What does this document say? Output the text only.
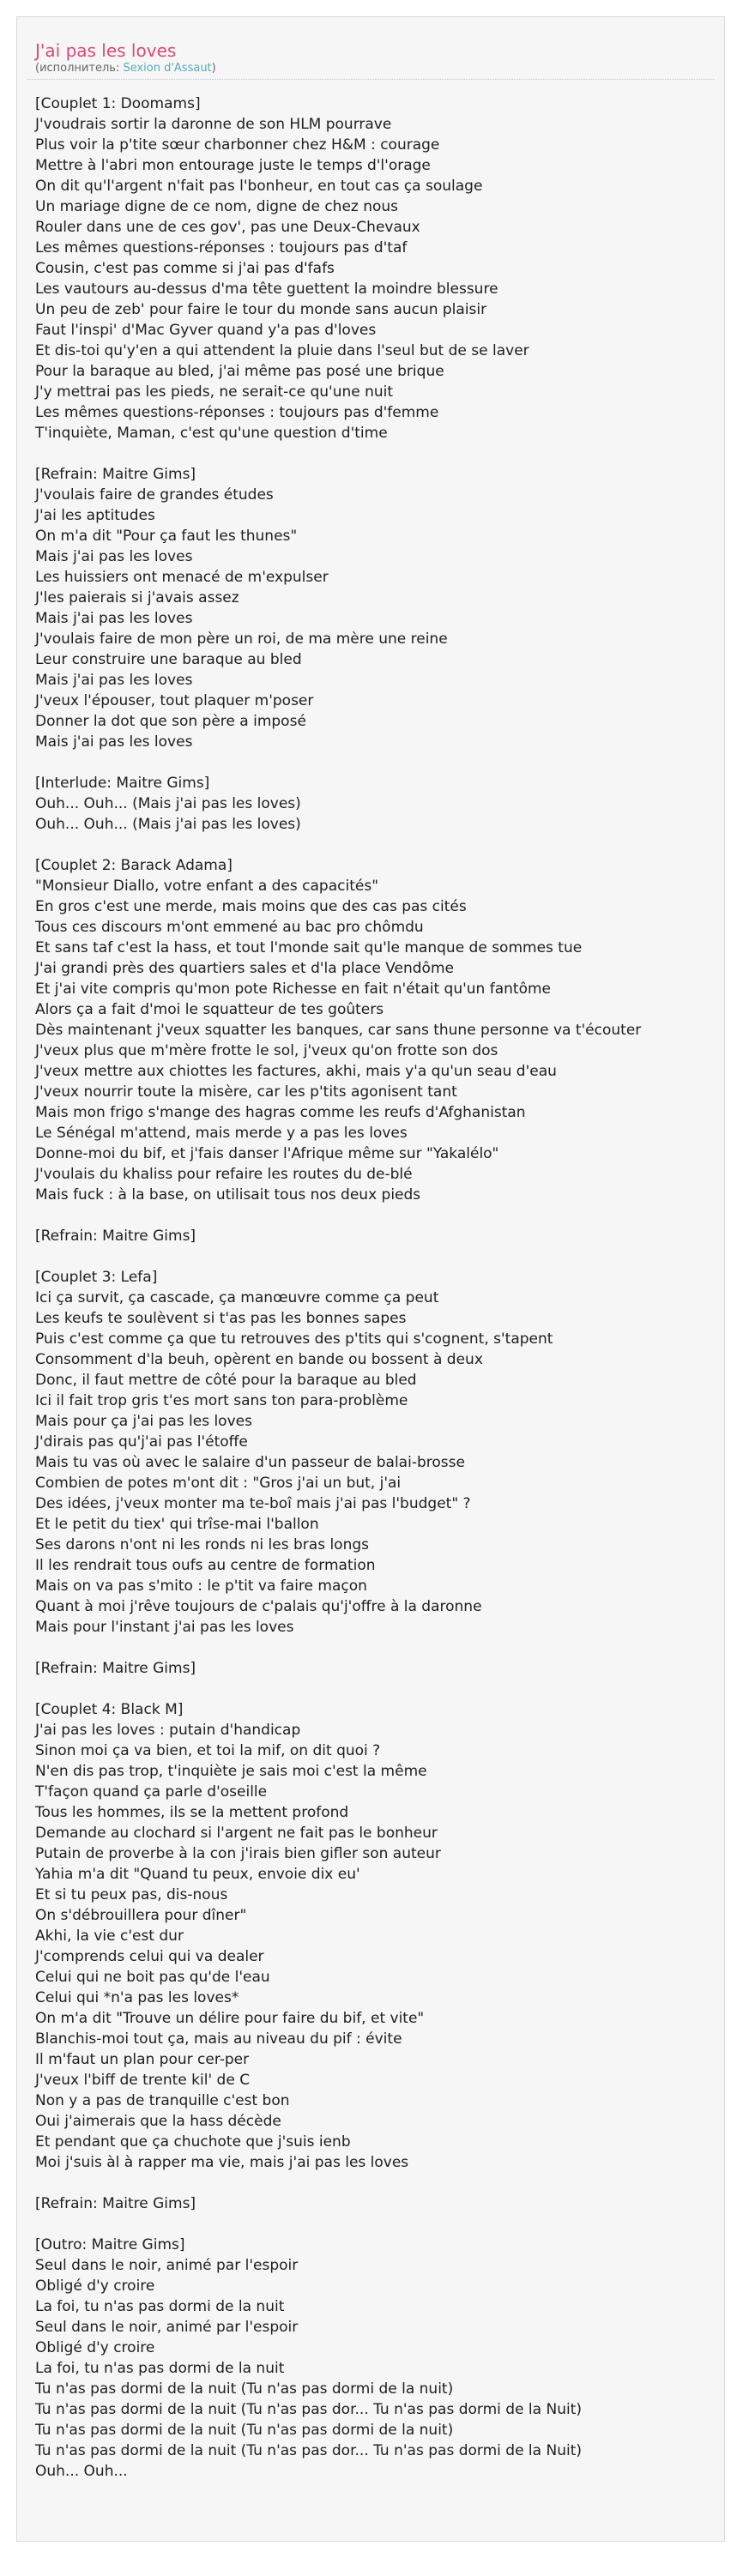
J'ai pas les loves
(исполнитель: Sexion d'Assaut)
[Couplet 1: Doomams]
J'voudrais sortir la daronne de son HLM pourrave
Plus voir la p'tite sœur charbonner chez H&M : courage
Mettre à l'abri mon entourage juste le temps d'l'orage
On dit qu'l'argent n'fait pas l'bonheur, en tout cas ça soulage
Un mariage digne de ce nom, digne de chez nous
Rouler dans une de ces gov', pas une Deux-Chevaux
Les mêmes questions-réponses : toujours pas d'taf
Cousin, c'est pas comme si j'ai pas d'fafs
Les vautours au-dessus d'ma tête guettent la moindre blessure
Un peu de zeb' pour faire le tour du monde sans aucun plaisir
Faut l'inspi' d'Mac Gyver quand y'a pas d'loves
Et dis-toi qu'y'en a qui attendent la pluie dans l'seul but de se laver
Pour la baraque au bled, j'ai même pas posé une brique
J'y mettrai pas les pieds, ne serait-ce qu'une nuit
Les mêmes questions-réponses : toujours pas d'femme
T'inquiète, Maman, c'est qu'une question d'time
[Refrain: Maitre Gims]
J'voulais faire de grandes études
J'ai les aptitudes
On m'a dit "Pour ça faut les thunes"
Mais j'ai pas les loves
Les huissiers ont menacé de m'expulser
J'les paierais si j'avais assez
Mais j'ai pas les loves
J'voulais faire de mon père un roi, de ma mère une reine
Leur construire une baraque au bled
Mais j'ai pas les loves
J'veux l'épouser, tout plaquer m'poser
Donner la dot que son père a imposé
Mais j'ai pas les loves
[Interlude: Maitre Gims]
Ouh... Ouh... (Mais j'ai pas les loves)
Ouh... Ouh... (Mais j'ai pas les loves)
[Couplet 2: Barack Adama]
"Monsieur Diallo, votre enfant a des capacités"
En gros c'est une merde, mais moins que des cas pas cités
Tous ces discours m'ont emmené au bac pro chômdu
Et sans taf c'est la hass, et tout l'monde sait qu'le manque de sommes tue
J'ai grandi près des quartiers sales et d'la place Vendôme
Et j'ai vite compris qu'mon pote Richesse en fait n'était qu'un fantôme
Alors ça a fait d'moi le squatteur de tes goûters
Dès maintenant j'veux squatter les banques, car sans thune personne va t'écouter
J'veux plus que m'mère frotte le sol, j'veux qu'on frotte son dos
J'veux mettre aux chiottes les factures, akhi, mais y'a qu'un seau d'eau
J'veux nourrir toute la misère, car les p'tits agonisent tant
Mais mon frigo s'mange des hagras comme les reufs d'Afghanistan
Le Sénégal m'attend, mais merde y a pas les loves
Donne-moi du bif, et j'fais danser l'Afrique même sur "Yakalélo"
J'voulais du khaliss pour refaire les routes du de-blé
Mais fuck : à la base, on utilisait tous nos deux pieds
[Refrain: Maitre Gims]
[Couplet 3: Lefa]
Ici ça survit, ça cascade, ça manœuvre comme ça peut
Les keufs te soulèvent si t'as pas les bonnes sapes
Puis c'est comme ça que tu retrouves des p'tits qui s'cognent, s'tapent
Consomment d'la beuh, opèrent en bande ou bossent à deux
Donc, il faut mettre de côté pour la baraque au bled
Ici il fait trop gris t'es mort sans ton para-problème
Mais pour ça j'ai pas les loves
J'dirais pas qu'j'ai pas l'étoffe
Mais tu vas où avec le salaire d'un passeur de balai-brosse
Combien de potes m'ont dit : "Gros j'ai un but, j'ai
Des idées, j'veux monter ma te-boî mais j'ai pas l'budget" ?
Et le petit du tiex' qui trîse-mai l'ballon
Ses darons n'ont ni les ronds ni les bras longs
Il les rendrait tous oufs au centre de formation
Mais on va pas s'mito : le p'tit va faire maçon
Quant à moi j'rêve toujours de c'palais qu'j'offre à la daronne
Mais pour l'instant j'ai pas les loves
[Refrain: Maitre Gims]
[Couplet 4: Black M]
J'ai pas les loves : putain d'handicap
Sinon moi ça va bien, et toi la mif, on dit quoi ?
N'en dis pas trop, t'inquiète je sais moi c'est la même
T'façon quand ça parle d'oseille
Tous les hommes, ils se la mettent profond
Demande au clochard si l'argent ne fait pas le bonheur
Putain de proverbe à la con j'irais bien gifler son auteur
Yahia m'a dit "Quand tu peux, envoie dix eu'
Et si tu peux pas, dis-nous
On s'débrouillera pour dîner"
Akhi, la vie c'est dur
J'comprends celui qui va dealer
Celui qui ne boit pas qu'de l'eau
Celui qui *n'a pas les loves*
On m'a dit "Trouve un délire pour faire du bif, et vite"
Blanchis-moi tout ça, mais au niveau du pif : évite
Il m'faut un plan pour cer-per
J'veux l'biff de trente kil' de C
Non y a pas de tranquille c'est bon
Oui j'aimerais que la hass décède
Et pendant que ça chuchote que j'suis ienb
Moi j'suis àl à rapper ma vie, mais j'ai pas les loves
[Refrain: Maitre Gims]
[Outro: Maitre Gims]
Seul dans le noir, animé par l'espoir
Obligé d'y croire
La foi, tu n'as pas dormi de la nuit
Seul dans le noir, animé par l'espoir
Obligé d'y croire
La foi, tu n'as pas dormi de la nuit
Tu n'as pas dormi de la nuit (Tu n'as pas dormi de la nuit)
Tu n'as pas dormi de la nuit (Tu n'as pas dor... Tu n'as pas dormi de la Nuit)
Tu n'as pas dormi de la nuit (Tu n'as pas dormi de la nuit)
Tu n'as pas dormi de la nuit (Tu n'as pas dor... Tu n'as pas dormi de la Nuit)
Ouh... Ouh...
